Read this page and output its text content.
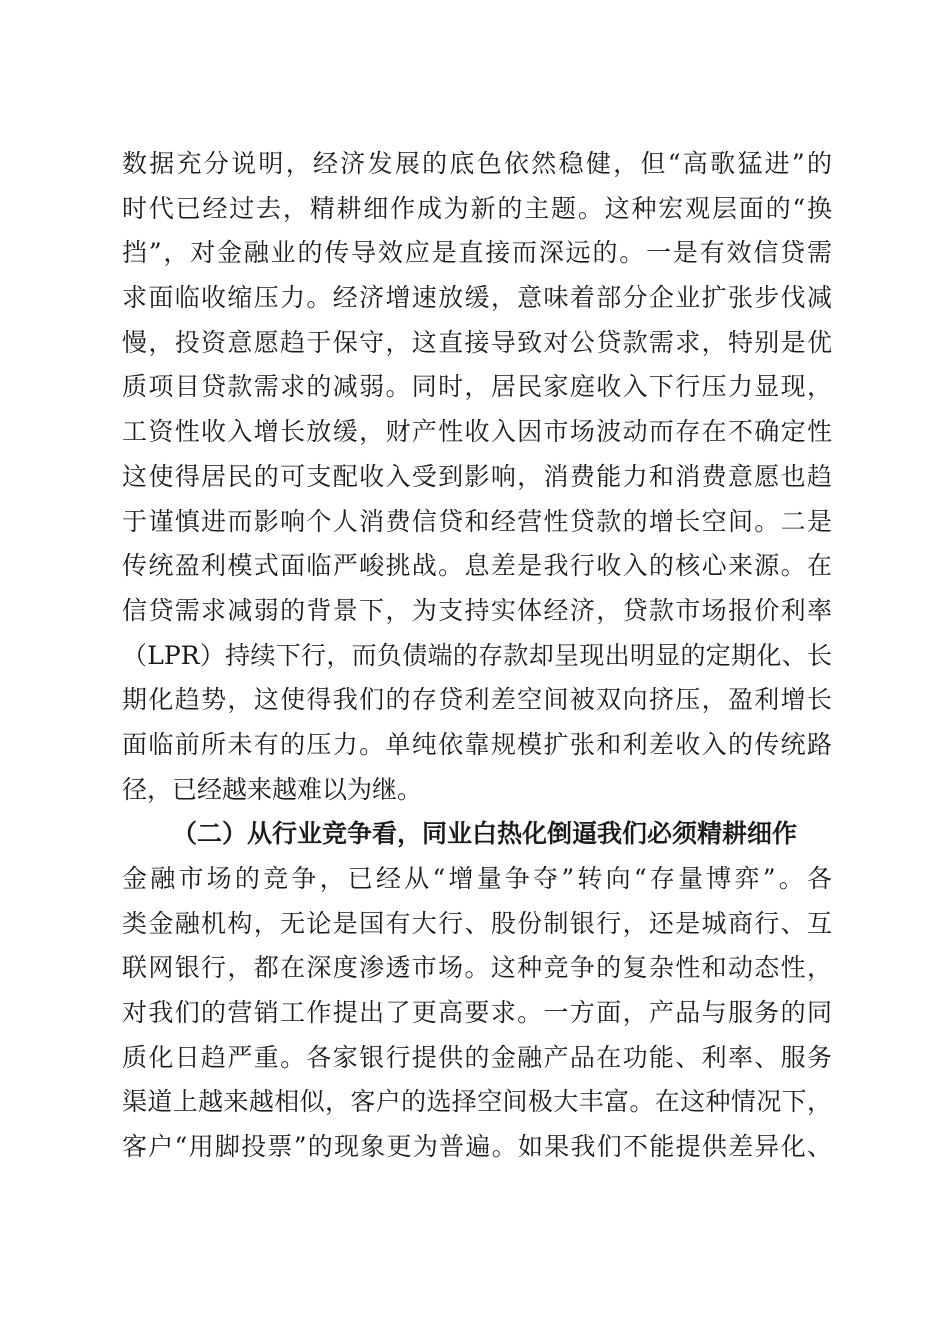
数据充分说明，经济发展的底色依然稳健，但“高歌猛进”的
时代已经过去，精耕细作成为新的主题。这种宏观层面的“换
挡”，对金融业的传导效应是直接而深远的。一是有效信贷需
求面临收缩压力。经济增速放缓，意味着部分企业扩张步伐减
慢，投资意愿趋于保守，这直接导致对公贷款需求，特别是优
质项目贷款需求的减弱。同时，居民家庭收入下行压力显现，
工资性收入增长放缓，财产性收入因市场波动而存在不确定性
这使得居民的可支配收入受到影响，消费能力和消费意愿也趋
于谨慎进而影响个人消费信贷和经营性贷款的增长空间。二是
传统盈利模式面临严峻挑战。息差是我行收入的核心来源。在
信贷需求减弱的背景下，为支持实体经济，贷款市场报价利率
（LPR）持续下行，而负债端的存款却呈现出明显的定期化、长
期化趋势，这使得我们的存贷利差空间被双向挤压，盈利增长
面临前所未有的压力。单纯依靠规模扩张和利差收入的传统路
径，已经越来越难以为继。
（二）从行业竞争看，同业白热化倒逼我们必须精耕细作
金融市场的竞争，已经从“增量争夺”转向“存量博弈”。各
类金融机构，无论是国有大行、股份制银行，还是城商行、互
联网银行，都在深度渗透市场。这种竞争的复杂性和动态性，
对我们的营销工作提出了更高要求。一方面，产品与服务的同
质化日趋严重。各家银行提供的金融产品在功能、利率、服务
渠道上越来越相似，客户的选择空间极大丰富。在这种情况下，
客户“用脚投票”的现象更为普遍。如果我们不能提供差异化、
